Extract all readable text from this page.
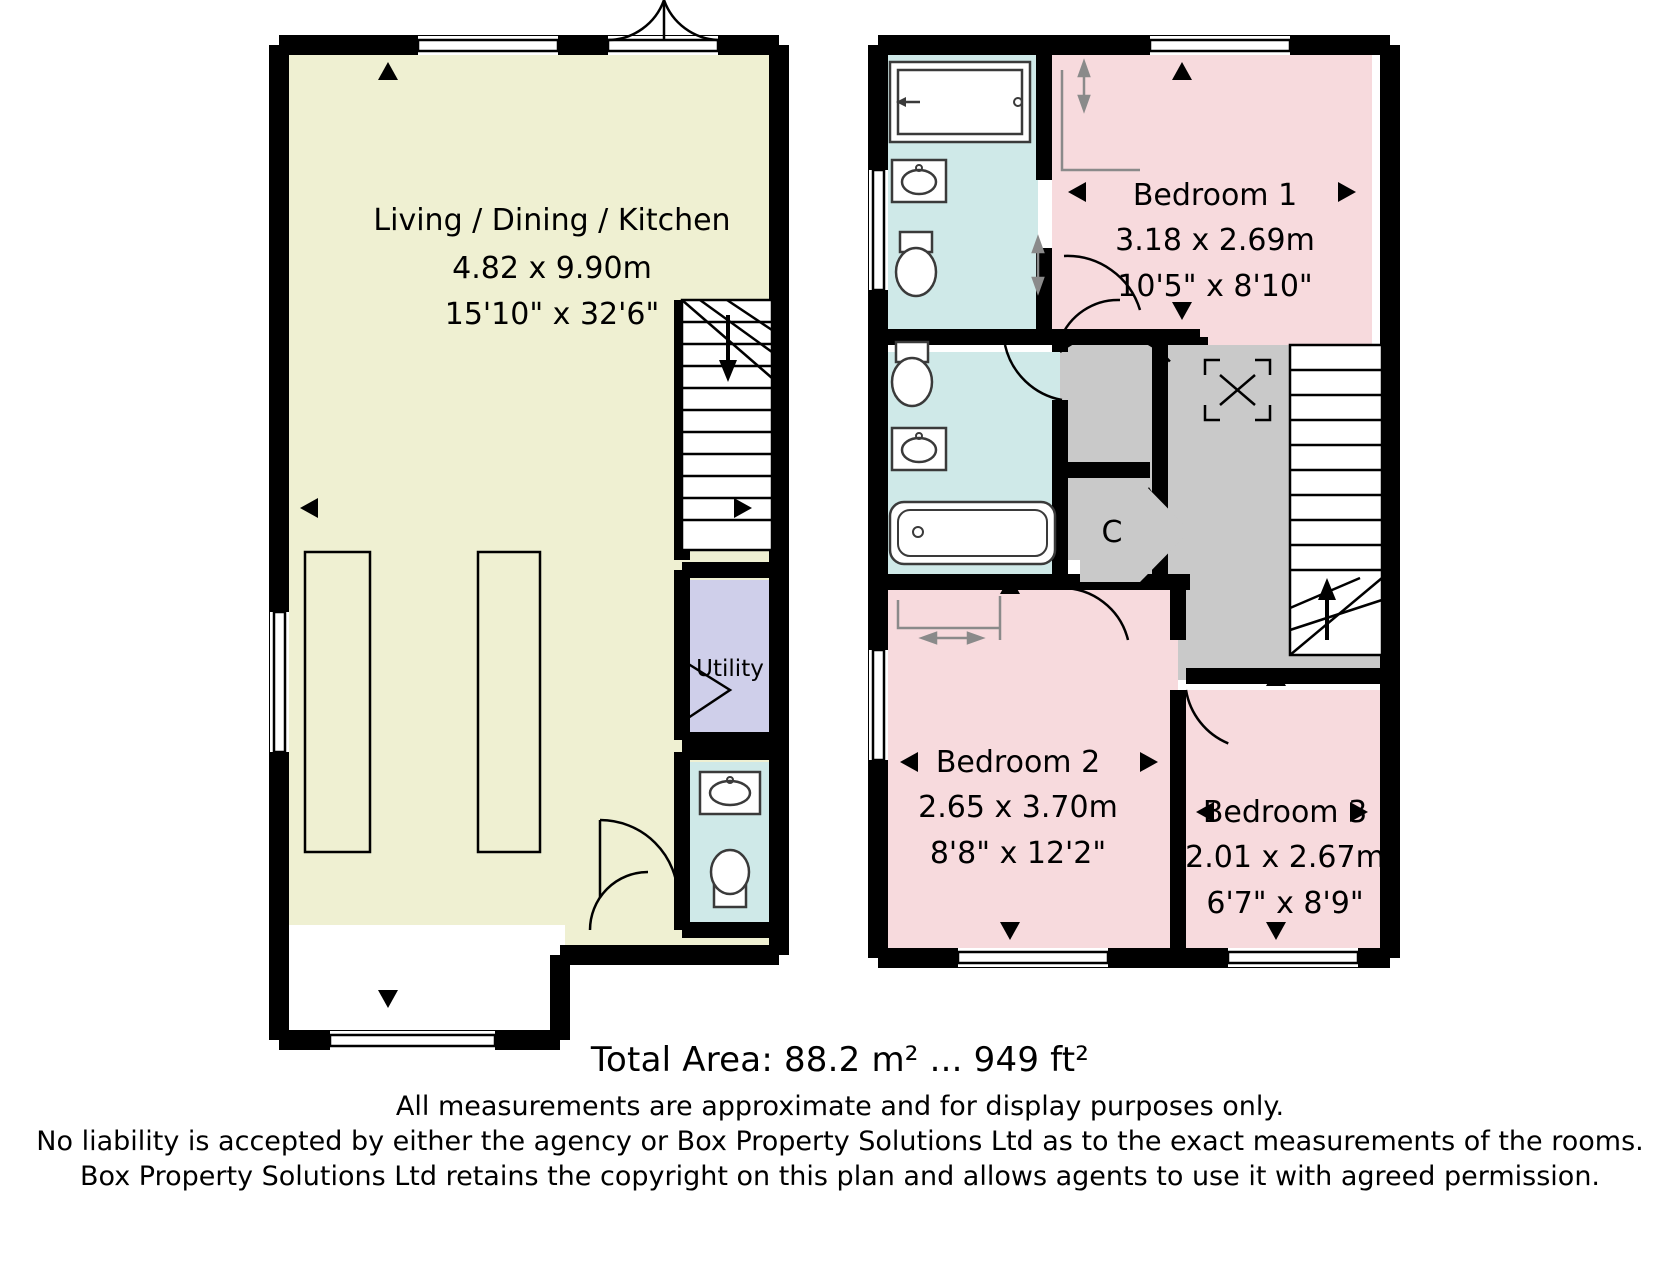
Living / Dining / Kitchen
4.82 x 9.90m
15'10" x 32'6"
Utility
Bedroom 1
3.18 x 2.69m
10'5" x 8'10"
Bedroom 2
2.65 x 3.70m
8'8" x 12'2"
Bedroom 3
2.01 x 2.67m
6'7" x 8'9"
C
Total Area: 88.2 m² ... 949 ft²
All measurements are approximate and for display purposes only.
No liability is accepted by either the agency or Box Property Solutions Ltd as to the exact measurements of the rooms.
Box Property Solutions Ltd retains the copyright on this plan and allows agents to use it with agreed permission.
